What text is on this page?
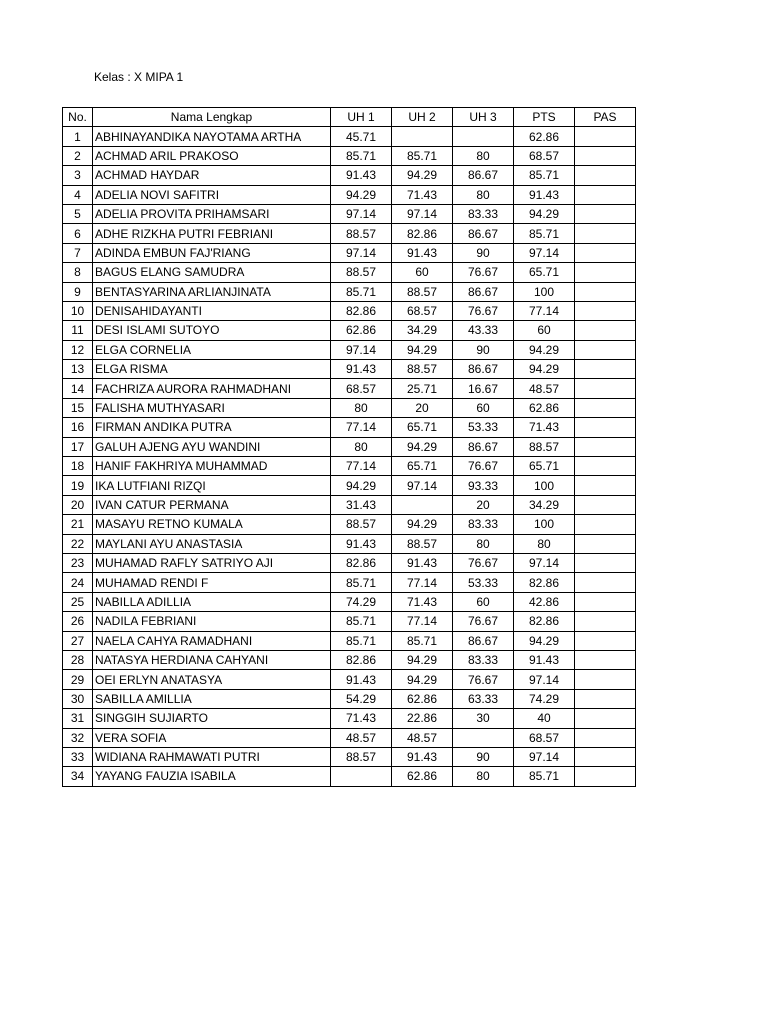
Kelas : X MIPA 1
No.	Nama Lengkap	UH 1	UH 2	UH 3	PTS	PAS
1	ABHINAYANDIKA NAYOTAMA ARTHA	45.71			62.86	
2	ACHMAD ARIL PRAKOSO	85.71	85.71	80	68.57	
3	ACHMAD HAYDAR	91.43	94.29	86.67	85.71	
4	ADELIA NOVI SAFITRI	94.29	71.43	80	91.43	
5	ADELIA PROVITA PRIHAMSARI	97.14	97.14	83.33	94.29	
6	ADHE RIZKHA PUTRI FEBRIANI	88.57	82.86	86.67	85.71	
7	ADINDA EMBUN FAJ'RIANG	97.14	91.43	90	97.14	
8	BAGUS ELANG SAMUDRA	88.57	60	76.67	65.71	
9	BENTASYARINA ARLIANJINATA	85.71	88.57	86.67	100	
10	DENISAHIDAYANTI	82.86	68.57	76.67	77.14	
11	DESI ISLAMI SUTOYO	62.86	34.29	43.33	60	
12	ELGA CORNELIA	97.14	94.29	90	94.29	
13	ELGA RISMA	91.43	88.57	86.67	94.29	
14	FACHRIZA AURORA RAHMADHANI	68.57	25.71	16.67	48.57	
15	FALISHA MUTHYASARI	80	20	60	62.86	
16	FIRMAN ANDIKA PUTRA	77.14	65.71	53.33	71.43	
17	GALUH AJENG AYU WANDINI	80	94.29	86.67	88.57	
18	HANIF FAKHRIYA MUHAMMAD	77.14	65.71	76.67	65.71	
19	IKA LUTFIANI RIZQI	94.29	97.14	93.33	100	
20	IVAN CATUR PERMANA	31.43		20	34.29	
21	MASAYU RETNO KUMALA	88.57	94.29	83.33	100	
22	MAYLANI AYU ANASTASIA	91.43	88.57	80	80	
23	MUHAMAD RAFLY SATRIYO AJI	82.86	91.43	76.67	97.14	
24	MUHAMAD RENDI F	85.71	77.14	53.33	82.86	
25	NABILLA ADILLIA	74.29	71.43	60	42.86	
26	NADILA FEBRIANI	85.71	77.14	76.67	82.86	
27	NAELA CAHYA RAMADHANI	85.71	85.71	86.67	94.29	
28	NATASYA HERDIANA CAHYANI	82.86	94.29	83.33	91.43	
29	OEI ERLYN ANATASYA	91.43	94.29	76.67	97.14	
30	SABILLA AMILLIA	54.29	62.86	63.33	74.29	
31	SINGGIH SUJIARTO	71.43	22.86	30	40	
32	VERA SOFIA	48.57	48.57		68.57	
33	WIDIANA RAHMAWATI PUTRI	88.57	91.43	90	97.14	
34	YAYANG FAUZIA ISABILA		62.86	80	85.71	
